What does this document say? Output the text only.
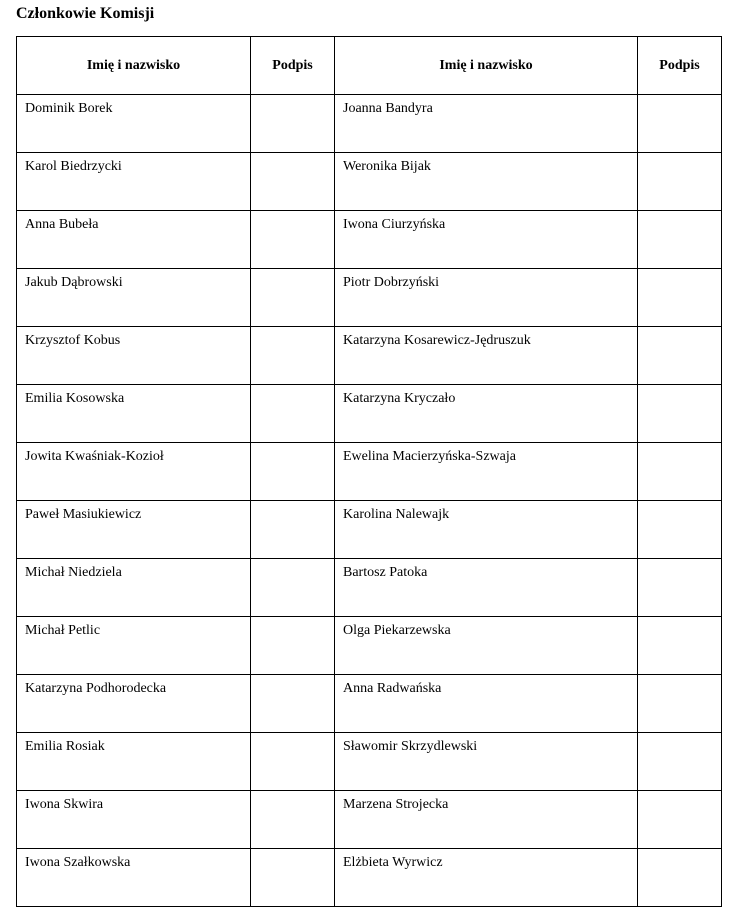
Członkowie Komisji
Imię i nazwisko	Podpis	Imię i nazwisko	Podpis
Dominik Borek		Joanna Bandyra	
Karol Biedrzycki		Weronika Bijak	
Anna Bubeła		Iwona Ciurzyńska	
Jakub Dąbrowski		Piotr Dobrzyński	
Krzysztof Kobus		Katarzyna Kosarewicz-Jędruszuk	
Emilia Kosowska		Katarzyna Kryczało	
Jowita Kwaśniak-Kozioł		Ewelina Macierzyńska-Szwaja	
Paweł Masiukiewicz		Karolina Nalewajk	
Michał Niedziela		Bartosz Patoka	
Michał Petlic		Olga Piekarzewska	
Katarzyna Podhorodecka		Anna Radwańska	
Emilia Rosiak		Sławomir Skrzydlewski	
Iwona Skwira		Marzena Strojecka	
Iwona Szałkowska		Elżbieta Wyrwicz	
